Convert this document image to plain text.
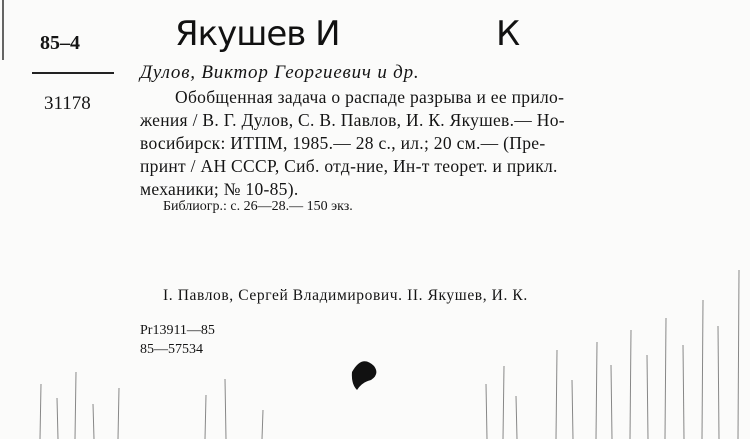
Якушев И	К
85–4
31178
Дулов, Виктор Георгиевич и др.
Обобщенная задача о распаде разрыва и ее прило-
жения / В. Г. Дулов, С. В. Павлов, И. К. Якушев.— Но-
восибирск: ИТПМ, 1985.— 28 с., ил.; 20 см.— (Пре-
принт / АН СССР, Сиб. отд-ние, Ин-т теорет. и прикл.
механики; № 10-85).
Библиогр.: с. 26—28.— 150 экз.
I. Павлов, Сергей Владимирович. II. Якушев, И. К.
Pr13911—85
85—57534
